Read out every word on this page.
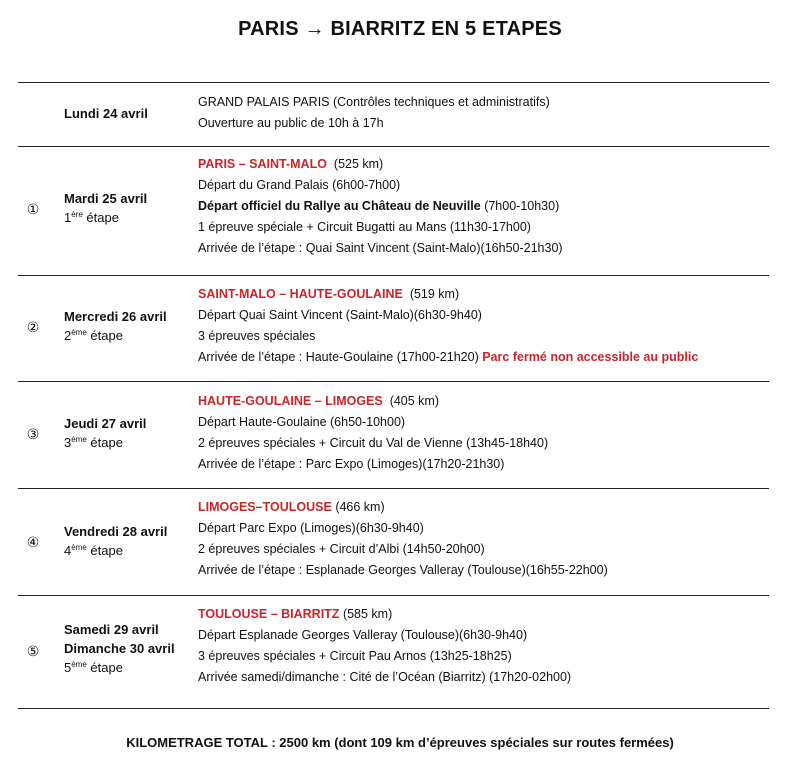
PARIS → BIARRITZ EN 5 ETAPES
Lundi 24 avril
GRAND PALAIS PARIS (Contrôles techniques et administratifs)
Ouverture au public de 10h à 17h
①
Mardi 25 avril
1ère étape
PARIS – SAINT-MALO (525 km)
Départ du Grand Palais (6h00-7h00)
Départ officiel du Rallye au Château de Neuville (7h00-10h30)
1 épreuve spéciale + Circuit Bugatti au Mans (11h30-17h00)
Arrivée de l’étape : Quai Saint Vincent (Saint-Malo)(16h50-21h30)
②
Mercredi 26 avril
2ème étape
SAINT-MALO – HAUTE-GOULAINE (519 km)
Départ Quai Saint Vincent (Saint-Malo)(6h30-9h40)
3 épreuves spéciales
Arrivée de l’étape : Haute-Goulaine (17h00-21h20) Parc fermé non accessible au public
③
Jeudi 27 avril
3ème étape
HAUTE-GOULAINE – LIMOGES (405 km)
Départ Haute-Goulaine (6h50-10h00)
2 épreuves spéciales + Circuit du Val de Vienne (13h45-18h40)
Arrivée de l’étape : Parc Expo (Limoges)(17h20-21h30)
④
Vendredi 28 avril
4ème étape
LIMOGES–TOULOUSE (466 km)
Départ Parc Expo (Limoges)(6h30-9h40)
2 épreuves spéciales + Circuit d’Albi (14h50-20h00)
Arrivée de l’étape : Esplanade Georges Valleray (Toulouse)(16h55-22h00)
⑤
Samedi 29 avril
Dimanche 30 avril
5ème étape
TOULOUSE – BIARRITZ (585 km)
Départ Esplanade Georges Valleray (Toulouse)(6h30-9h40)
3 épreuves spéciales + Circuit Pau Arnos (13h25-18h25)
Arrivée samedi/dimanche : Cité de l’Océan (Biarritz) (17h20-02h00)
KILOMETRAGE TOTAL : 2500 km (dont 109 km d’épreuves spéciales sur routes fermées)
